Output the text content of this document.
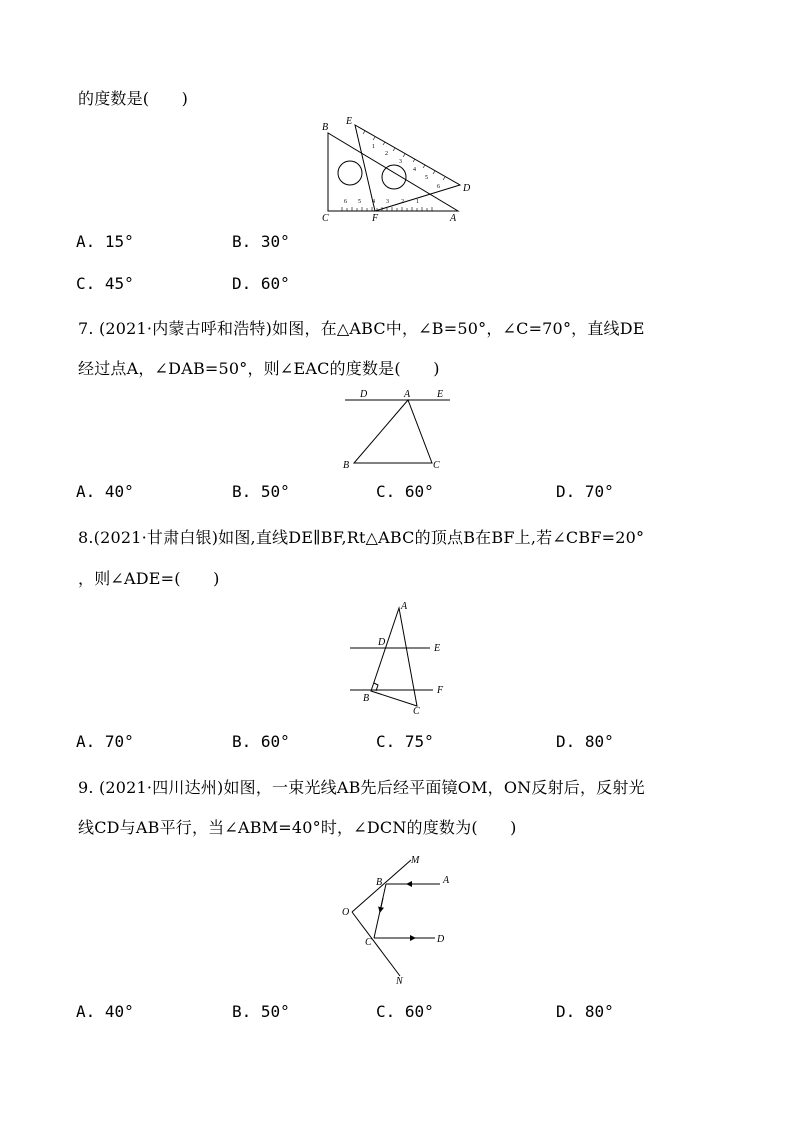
的度数是(　　)
6 5 4 3 2 1
1
2
3
4
5
6
B
E
D
C	F	A
A. 15°	B. 30°
C. 45°	D. 60°
7. (2021·内蒙古呼和浩特)如图，在△ABC中，∠B=50°，∠C=70°，直线DE
经过点A，∠DAB=50°，则∠EAC的度数是(　　)
D	A	E
B	C
A. 40°	B. 50°	C. 60°	D. 70°
8.(2021·甘肃白银)如图,直线DE∥BF,Rt△ABC的顶点B在BF上,若∠CBF=20°
，则∠ADE=(　　)
A
D
E
F
B
C
A. 70°	B. 60°	C. 75°	D. 80°
9. (2021·四川达州)如图，一束光线AB先后经平面镜OM，ON反射后，反射光
线CD与AB平行，当∠ABM=40°时，∠DCN的度数为(　　)
M
B	A
O
C	D
N
A. 40°	B. 50°	C. 60°	D. 80°
